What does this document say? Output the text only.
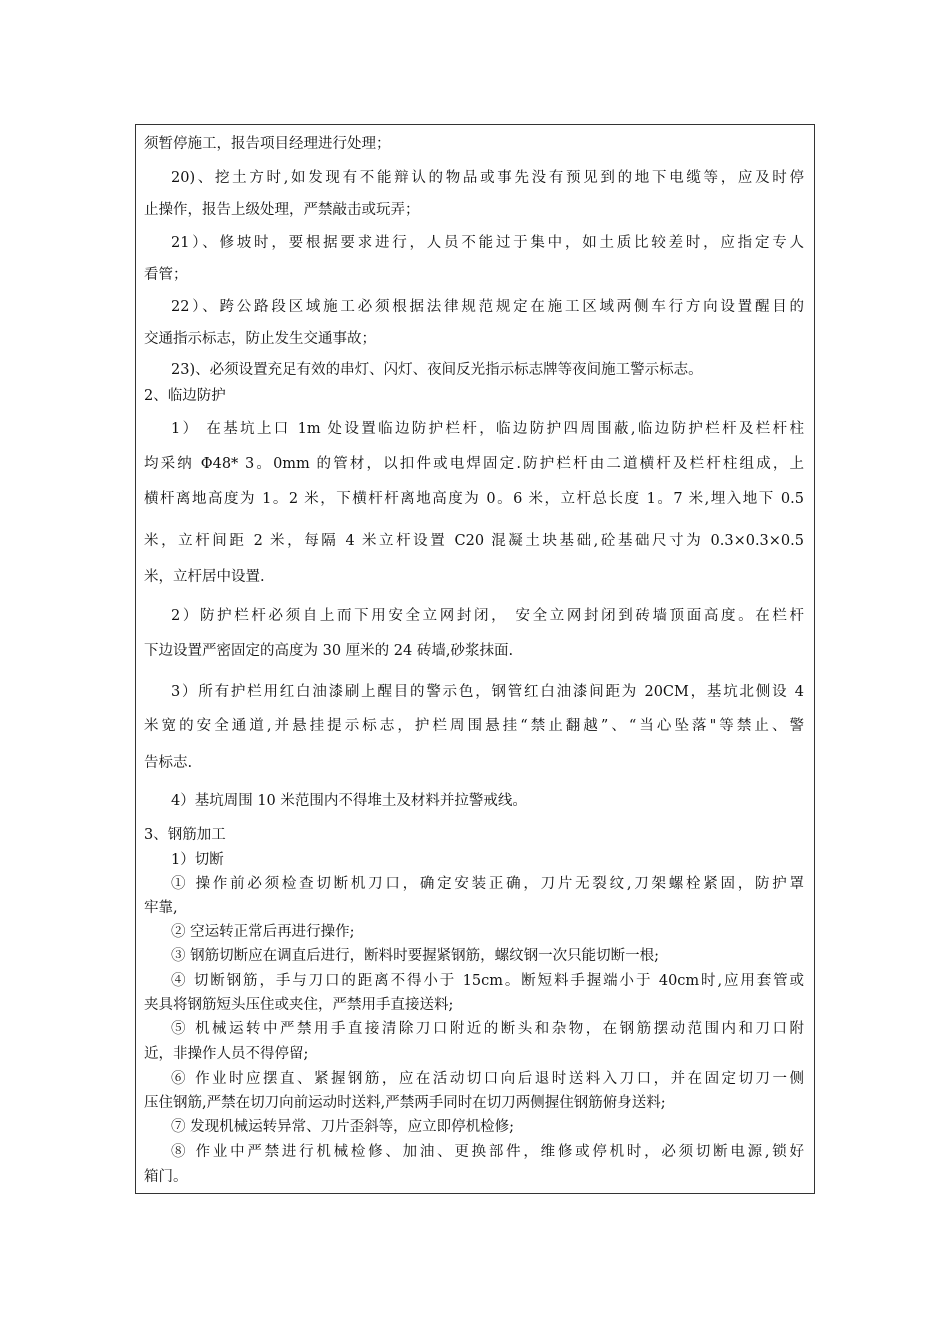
须暂停施工，报告项目经理进行处理；
20)、挖土方时,如发现有不能辩认的物品或事先没有预见到的地下电缆等，应及时停
止操作，报告上级处理，严禁敲击或玩弄；
21）、修坡时，要根据要求进行，人员不能过于集中，如土质比较差时，应指定专人
看管；
22）、跨公路段区域施工必须根据法律规范规定在施工区域两侧车行方向设置醒目的
交通指示标志，防止发生交通事故；
23)、必须设置充足有效的串灯、闪灯、夜间反光指示标志牌等夜间施工警示标志。
2、临边防护
1） 在基坑上口 1m 处设置临边防护栏杆，临边防护四周围蔽,临边防护栏杆及栏杆柱
均采纳 Φ48* 3。0mm 的管材，以扣件或电焊固定.防护栏杆由二道横杆及栏杆柱组成，上
横杆离地高度为 1。2 米，下横杆杆离地高度为 0。6 米，立杆总长度 1。7 米,埋入地下 0.5
米，立杆间距 2 米，每隔 4 米立杆设置 C20 混凝土块基础,砼基础尺寸为 0.3×0.3×0.5
米，立杆居中设置.
2）防护栏杆必须自上而下用安全立网封闭， 安全立网封闭到砖墙顶面高度。在栏杆
下边设置严密固定的高度为 30 厘米的 24 砖墙,砂浆抹面.
3）所有护栏用红白油漆刷上醒目的警示色，钢管红白油漆间距为 20CM，基坑北侧设 4
米宽的安全通道,并悬挂提示标志，护栏周围悬挂“禁止翻越”、“当心坠落"等禁止、警
告标志.
4）基坑周围 10 米范围内不得堆土及材料并拉警戒线。
3、钢筋加工
1）切断
① 操作前必须检查切断机刀口，确定安装正确，刀片无裂纹,刀架螺栓紧固，防护罩
牢靠,
② 空运转正常后再进行操作;
③ 钢筋切断应在调直后进行，断料时要握紧钢筋，螺纹钢一次只能切断一根;
④ 切断钢筋，手与刀口的距离不得小于 15cm。断短料手握端小于 40cm时,应用套管或
夹具将钢筋短头压住或夹住，严禁用手直接送料;
⑤ 机械运转中严禁用手直接清除刀口附近的断头和杂物，在钢筋摆动范围内和刀口附
近，非操作人员不得停留;
⑥ 作业时应摆直、紧握钢筋，应在活动切口向后退时送料入刀口，并在固定切刀一侧
压住钢筋,严禁在切刀向前运动时送料,严禁两手同时在切刀两侧握住钢筋俯身送料;
⑦ 发现机械运转异常、刀片歪斜等，应立即停机检修;
⑧ 作业中严禁进行机械检修、加油、更换部件，维修或停机时，必须切断电源,锁好
箱门。
